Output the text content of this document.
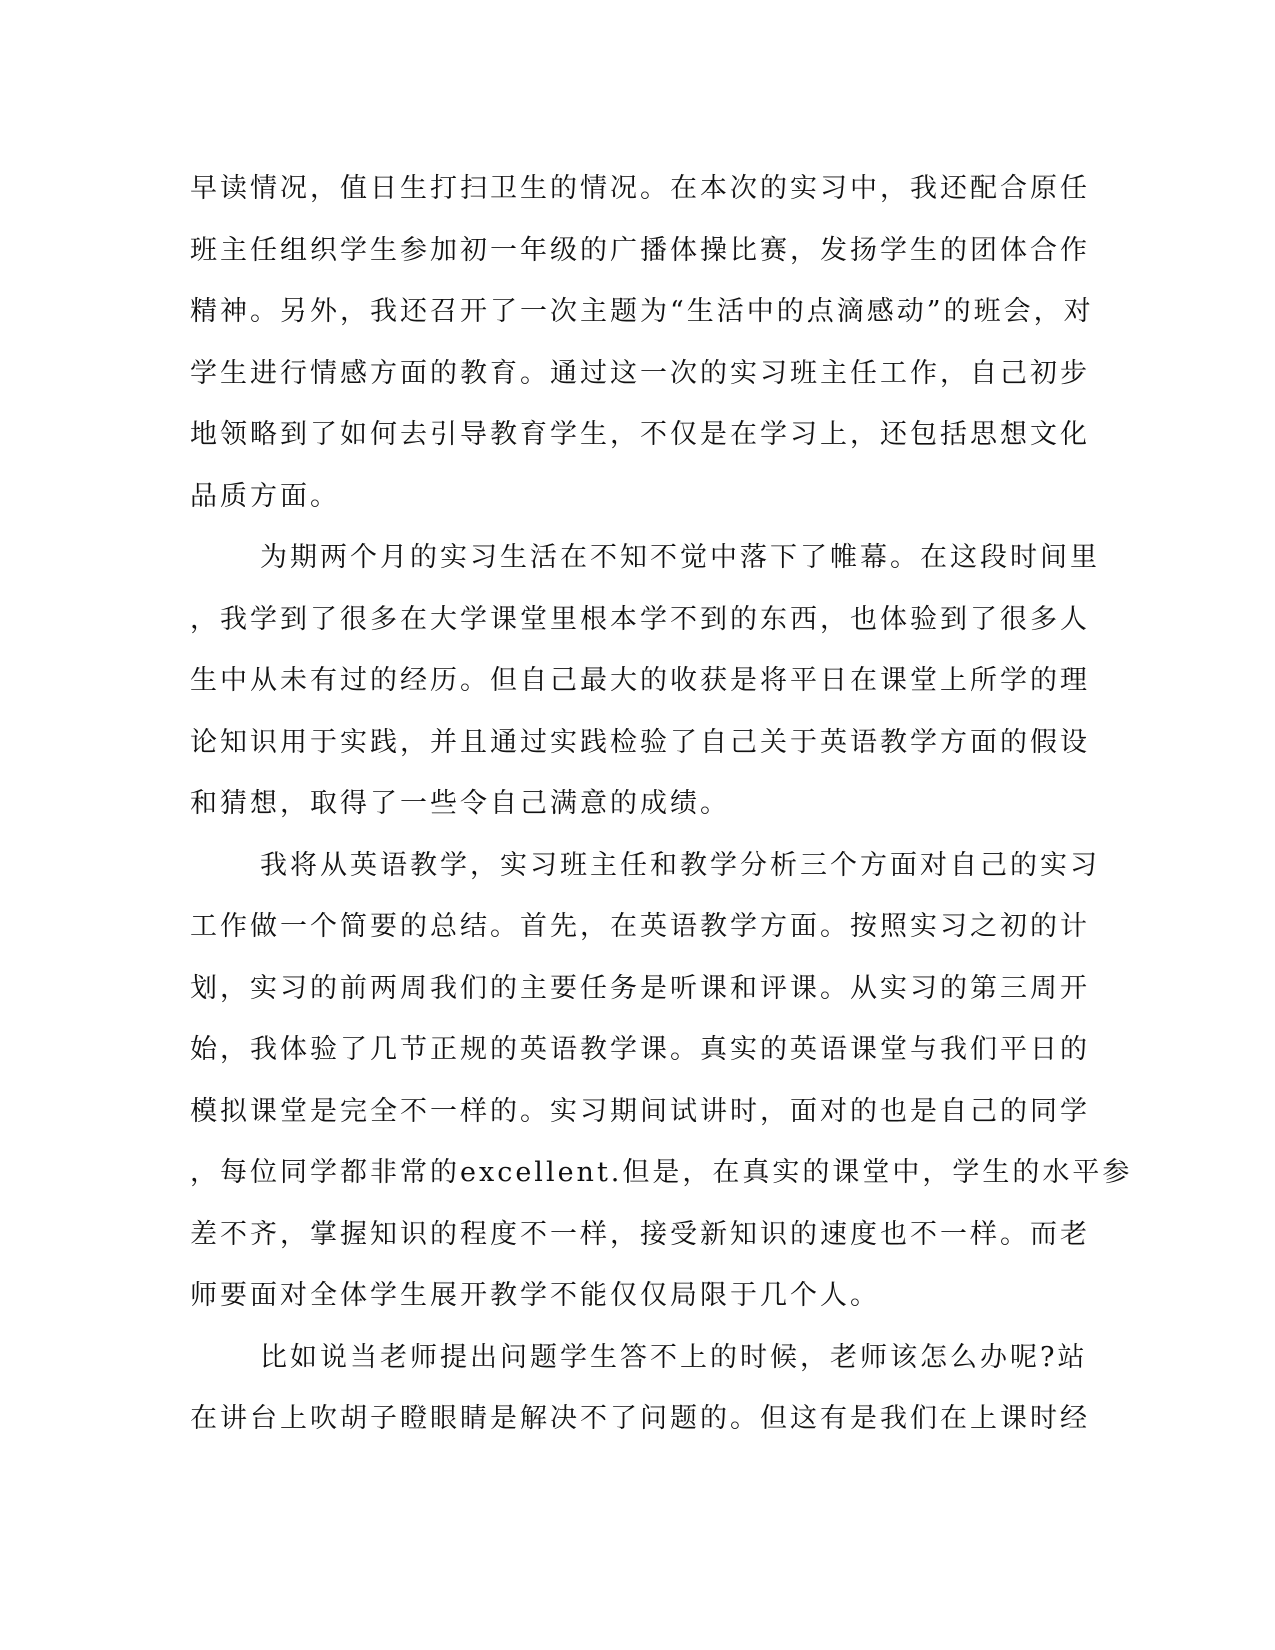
早读情况，值日生打扫卫生的情况。在本次的实习中，我还配合原任
班主任组织学生参加初一年级的广播体操比赛，发扬学生的团体合作
精神。另外，我还召开了一次主题为“生活中的点滴感动”的班会，对
学生进行情感方面的教育。通过这一次的实习班主任工作，自己初步
地领略到了如何去引导教育学生，不仅是在学习上，还包括思想文化
品质方面。
为期两个月的实习生活在不知不觉中落下了帷幕。在这段时间里
，我学到了很多在大学课堂里根本学不到的东西，也体验到了很多人
生中从未有过的经历。但自己最大的收获是将平日在课堂上所学的理
论知识用于实践，并且通过实践检验了自己关于英语教学方面的假设
和猜想，取得了一些令自己满意的成绩。
我将从英语教学，实习班主任和教学分析三个方面对自己的实习
工作做一个简要的总结。首先，在英语教学方面。按照实习之初的计
划，实习的前两周我们的主要任务是听课和评课。从实习的第三周开
始，我体验了几节正规的英语教学课。真实的英语课堂与我们平日的
模拟课堂是完全不一样的。实习期间试讲时，面对的也是自己的同学
，每位同学都非常的excellent.但是，在真实的课堂中，学生的水平参
差不齐，掌握知识的程度不一样，接受新知识的速度也不一样。而老
师要面对全体学生展开教学不能仅仅局限于几个人。
比如说当老师提出问题学生答不上的时候，老师该怎么办呢?站
在讲台上吹胡子瞪眼睛是解决不了问题的。但这有是我们在上课时经
